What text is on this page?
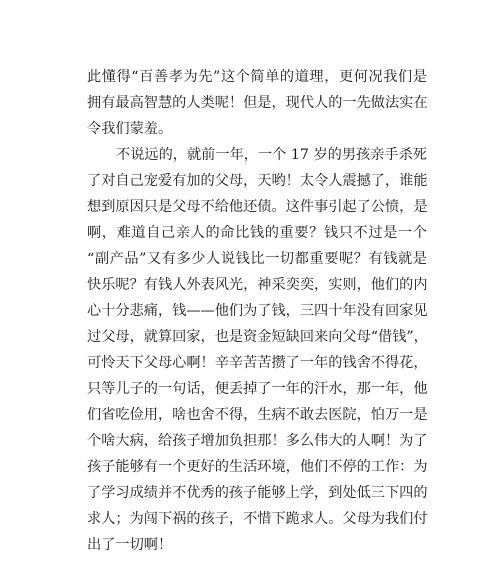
此懂得“百善孝为先”这个简单的道理，更何况我们是
拥有最高智慧的人类呢！但是，现代人的一先做法实在
令我们蒙羞。
不说远的，就前一年，一个 17 岁的男孩亲手杀死
了对自己宠爱有加的父母，天哟！太令人震撼了，谁能
想到原因只是父母不给他还债。这件事引起了公愤，是
啊，难道自己亲人的命比钱的重要？钱只不过是一个
“副产品”又有多少人说钱比一切都重要呢？有钱就是
快乐呢？有钱人外表风光，神采奕奕，实则，他们的内
心十分悲痛，钱——他们为了钱，三四十年没有回家见
过父母，就算回家，也是资金短缺回来向父母“借钱”，
可怜天下父母心啊！辛辛苦苦攒了一年的钱舍不得花，
只等儿子的一句话，便丢掉了一年的汗水，那一年，他
们省吃俭用，啥也舍不得，生病不敢去医院，怕万一是
个啥大病，给孩子增加负担那！多么伟大的人啊！为了
孩子能够有一个更好的生活环境，他们不停的工作：为
了学习成绩并不优秀的孩子能够上学，到处低三下四的
求人；为闯下祸的孩子，不惜下跪求人。父母为我们付
出了一切啊！
